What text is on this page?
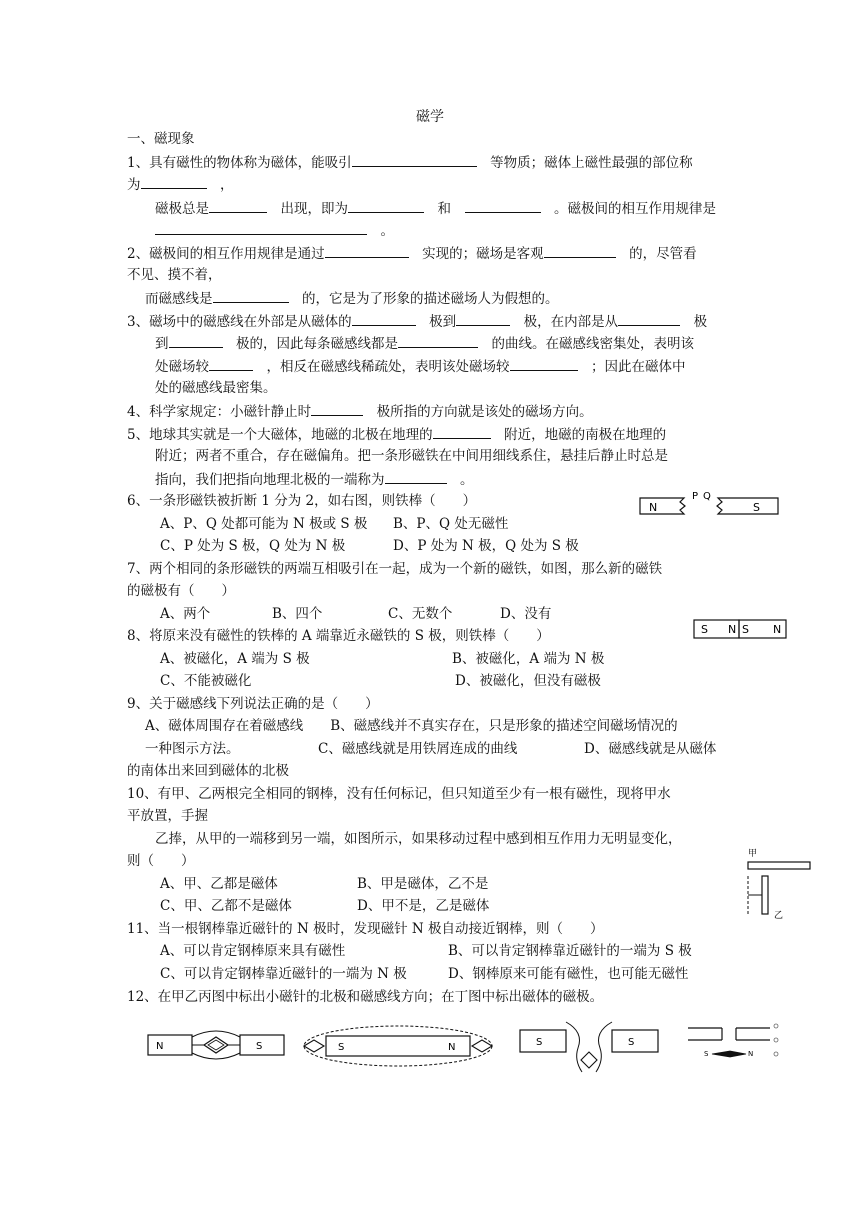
磁学
一、磁现象
1、具有磁性的物体称为磁体，能吸引　	等物质；磁体上磁性最强的部位称
为　	，
磁极总是　	出现，即为　	和　　	。磁极间的相互作用规律是
　。
2、磁极间的相互作用规律是通过　	实现的；磁场是客观　	的，尽管看
不见、摸不着，
而磁感线是　	的，它是为了形象的描述磁场人为假想的。
3、磁场中的磁感线在外部是从磁体的　	极到　	极，在内部是从　	极
到　	极的，因此每条磁感线都是　	的曲线。在磁感线密集处，表明该
处磁场较　	，相反在磁感线稀疏处，表明该处磁场较　	；因此在磁体中
处的磁感线最密集。
4、科学家规定：小磁针静止时　	极所指的方向就是该处的磁场方向。
5、地球其实就是一个大磁体，地磁的北极在地理的　	附近，地磁的南极在地理的
附近；两者不重合，存在磁偏角。把一条形磁铁在中间用细线系住，悬挂后静止时总是
指向，我们把指向地理北极的一端称为　	。
6、一条形磁铁被折断 1 分为 2，如右图，则铁棒（　　）
A、P、Q 处都可能为 N 极或 S 极 B、P、Q 处无磁性
C、P 处为 S 极，Q 处为 N 极	D、P 处为 N 极，Q 处为 S 极
N
P Q
S
7、两个相同的条形磁铁的两端互相吸引在一起，成为一个新的磁铁，如图，那么新的磁铁
的磁极有（　　）
A、两个	B、四个	C、无数个	D、没有
S N S N
8、将原来没有磁性的铁棒的 A 端靠近永磁铁的 S 极，则铁棒（　　）
A、被磁化，A 端为 S 极	B、被磁化，A 端为 N 极
C、不能被磁化	D、被磁化，但没有磁极
9、关于磁感线下列说法正确的是（　　）
A、磁体周围存在着磁感线　　 B、磁感线并不真实存在，只是形象的描述空间磁场情况的
一种图示方法。	C、磁感线就是用铁屑连成的曲线	D、磁感线就是从磁体
的南体出来回到磁体的北极
10、有甲、乙两根完全相同的钢棒，没有任何标记，但只知道至少有一根有磁性，现将甲水
平放置，手握
乙捧，从甲的一端移到另一端，如图所示，如果移动过程中感到相互作用力无明显变化，
则（　　）
A、甲、乙都是磁体	B、甲是磁体，乙不是
C、甲、乙都不是磁体	D、甲不是，乙是磁体
甲
乙
11、当一根钢棒靠近磁针的 N 极时，发现磁针 N 极自动接近钢棒，则（　　）
A、可以肯定钢棒原来具有磁性	B、可以肯定钢棒靠近磁针的一端为 S 极
C、可以肯定钢棒靠近磁针的一端为 N 极	D、钢棒原来可能有磁性，也可能无磁性
12、在甲乙丙图中标出小磁针的北极和磁感线方向；在丁图中标出磁体的磁极。
N	S	S	N	S	S
S	N
